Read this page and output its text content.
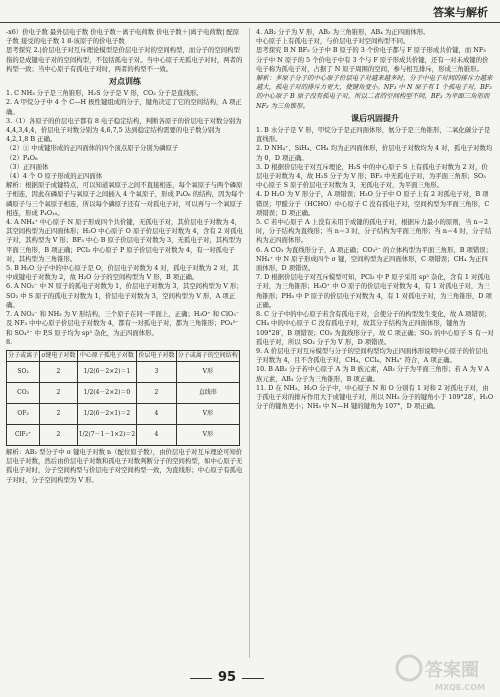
答案与解析

-x6）价电子数 最外层电子数 价电子数－离子电荷数 价电子数＋|离子电荷数| 配原子数 接受的电子数 1 8-该原子的价电子数

思考探究 2.|价层电子对互斥理论模型是价层电子对的空间构型，而分子的空间构型指的是成键电子对的空间构型，不包括孤电子对。当中心原子无孤电子对时，两者的构型一致；当中心原子有孤电子对时，两者的构型不一致。

对点训练

1. C NH₃ 分子是三角锥形，H₂S 分子是 V 形，CO₂ 分子是直线形。

2. A 甲烷分子中 4 个 C—H 极性键组成的分子，键角决定了它的空间结构，A 项正确。

3.（1）各原子的价层电子都有 8 电子稳定结构，判断各原子的价层电子对数分别为 4,4,3,4,4，价层电子对数分别为 4,6,7,5 达到稳定结构需要的电子数分别为 4,2,1,8 B 正确。

（2）① 中成键形成的正四面体的四个顶点原子分别为磷原子

（2）P₄O₆

（3）正四面体

（4）4 个 O 原子形成的正四面体

解析：根据原子成键特点，可以知道氧原子之间不直接相连，每个氧原子与两个磷原子相连，因此在磷原子与氧原子之间插入 4 个氧原子，形成 P₄O₆ 的结构，因为每个磷原子与三个氧原子相连，所以每个磷原子还有一对孤电子对，可以再与一个氧原子相连，形成 P₄O₁₀。

4. A NH₄⁺ 中心原子 N 原子形成四个共价键，无孤电子对，其价层电子对数为 4，其空间构型为正四面体形；H₂O 中心原子 O 原子价层电子对数为 4，含有 2 对孤电子对，其构型为 V 形；BF₃ 中心 B 原子价层电子对数为 3，无孤电子对，其构型为平面三角形，B 项正确；PCl₃ 中心原子 P 原子价层电子对数为 4，有一对孤电子对，其构型为三角锥形。

5. B H₂O 分子中的中心原子是 O，价层电子对数为 4 对，孤电子对数为 2 对，其中成键电子对数为 2，故 H₂O 分子的空间构型为 V 形，B 项正确。

6. A NO₂⁻ 中 N 原子的孤电子对数为 1，价层电子对数为 3，其空间构型为 V 形；SO₂ 中 S 原子的孤电子对数为 1，价层电子对数为 3，空间构型为 V 形，A 项正确。

7. A NO₃⁻ 和 NH₃ 为 V 形结构，三个原子在同一平面上，正确；H₃O⁺ 和 ClO₃⁻ 及 NF₃ 中中心原子价层电子对数为 4，都有一对孤电子对，都为三角锥形；PO₄³⁻ 和 SO₄²⁻ 中 P,S 原子均为 sp³ 杂化，为正四面体形。

8.

分子或离子	σ键电子对数	中心原子孤电子对数	价层电子对数	分子或离子的空间结构
SO₂	2	1/2(6－2×2)＝1	3	V形
CO₂	2	1/2(4－2×2)＝0	2	直线形
OF₂	2	1/2(6－2×1)＝2	4	V形
ClF₂⁺	2	1/2(7－1－1×2)＝2	4	V形

解析：AB₂ 型分子中 σ 键电子对数 n（配位原子数），由价层电子对互斥理论可知价层电子对数，然后由价层电子对数和孤电子对数判断分子的空间构型，如中心原子无孤电子对时，分子空间构型与价层电子对空间构型一致，为直线形；中心原子有孤电子对时，分子空间构型为 V 形。

4. AB₂ 分子为 V 形，AB₃ 为三角锥形，AB₄ 为正四面体形。

中心原子上有孤电子对，与价层电子对空间构型不同。

思考探究 B N BF₃ 分子中 B 原子的 3 个价电子都与 F 原子形成共价键，而 NF₃ 分子中 N 原子的 5 个价电子中有 3 个与 F 原子形成共价键，还有一对未成键的价电子称为孤电子对，占据了 N 原子周围的空间，参与相互排斥，形成三角锥形。

解析：多原子分子的中心原子价层电子对越来越多时，分子中电子对间的排斥力越来越大，孤电子对的排斥力更大，使键角变小。NF₃ 中 N 原子有 1 个孤电子对，BF₃ 的中心原子 B 原子没有孤电子对，所以二者的空间构型不同，BF₃ 为平面三角形而 NF₃ 为三角锥形。

课后巩固提升

1. B 水分子是 V 形，甲烷分子是正四面体形，氨分子是三角锥形，二氧化碳分子是直线形。

2. D NH₄⁺、SiH₄、CH₄ 均为正四面体形，价层电子对数均为 4 对，孤电子对数均为 0，D 项正确。

3. D 根据价层电子对互斥理论，H₂S 中的中心原子 S 上有孤电子对数为 2 对，价层电子对数为 4，故 H₂S 分子为 V 形；BF₃ 中无孤电子对，为平面三角形；SO₃ 中心原子 S 原子价层电子对数为 3，无孤电子对，为平面三角形。

4. D H₂O 为 V 形分子，A 项错误；H₂O 分子中 O 原子上有 2 对孤电子对，B 项错误；甲醛分子（HCHO）中心原子 C 没有孤电子对，空间构型为平面三角形，C 项错误；D 项正确。

5. C 若中心原子 A 上没有未用于成键的孤电子对，根据斥力最小的原则，当 n＝2 时，分子结构为直线形；当 n＝3 时，分子结构为平面三角形；当 n＝4 时，分子结构为正四面体形。

6. A CO₂ 为直线形分子，A 项正确；CO₃²⁻ 的立体构型为平面三角形，B 项错误；NH₄⁺ 中 N 原子形成四个 σ 键，空间构型为正四面体形，C 项错误；CH₄ 为正四面体形，D 项错误。

7. D 根据价层电子对互斥模型可知，PCl₃ 中 P 原子采用 sp³ 杂化，含有 1 对孤电子对，为三角锥形；H₃O⁺ 中 O 原子的价层电子对数为 4，有 1 对孤电子对，为三角锥形；PH₃ 中 P 原子的价层电子对数为 4，有 1 对孤电子对，为三角锥形，D 项正确。

8. C 分子中的中心原子若含有孤电子对，会使分子的构型发生变化，故 A 项错误；CH₄ 中的中心原子 C 没有孤电子对，故其分子结构为正四面体形，键角为 109°28′，B 项错误；CO₂ 为直线形分子，故 C 项正确；SO₂ 的中心原子 S 有一对孤电子对，所以 SO₂ 分子为 V 形，D 项错误。

9. A 价层电子对互斥模型与分子的空间构型均为正四面体形说明中心原子的价层电子对数为 4，且不含孤电子对，CH₄、CCl₄、NH₄⁺ 符合，A 项正确。

10. B AB₃ 分子若中心原子 A 为 B 族元素，AB₃ 分子为平面三角形；若 A 为 V A 族元素，AB₃ 分子为三角锥形，B 项正确。

11. D 在 NH₃、H₂O 分子中，中心原子 N 和 O 分别有 1 对和 2 对孤电子对，由于孤电子对的排斥作用大于成键电子对，所以 NH₃ 分子的键角小于 109°28′，H₂O 分子的键角更小；NH₃ 中 N—H 键的键角为 107°，D 项正确。

95	答案圈
MXQE.COM
